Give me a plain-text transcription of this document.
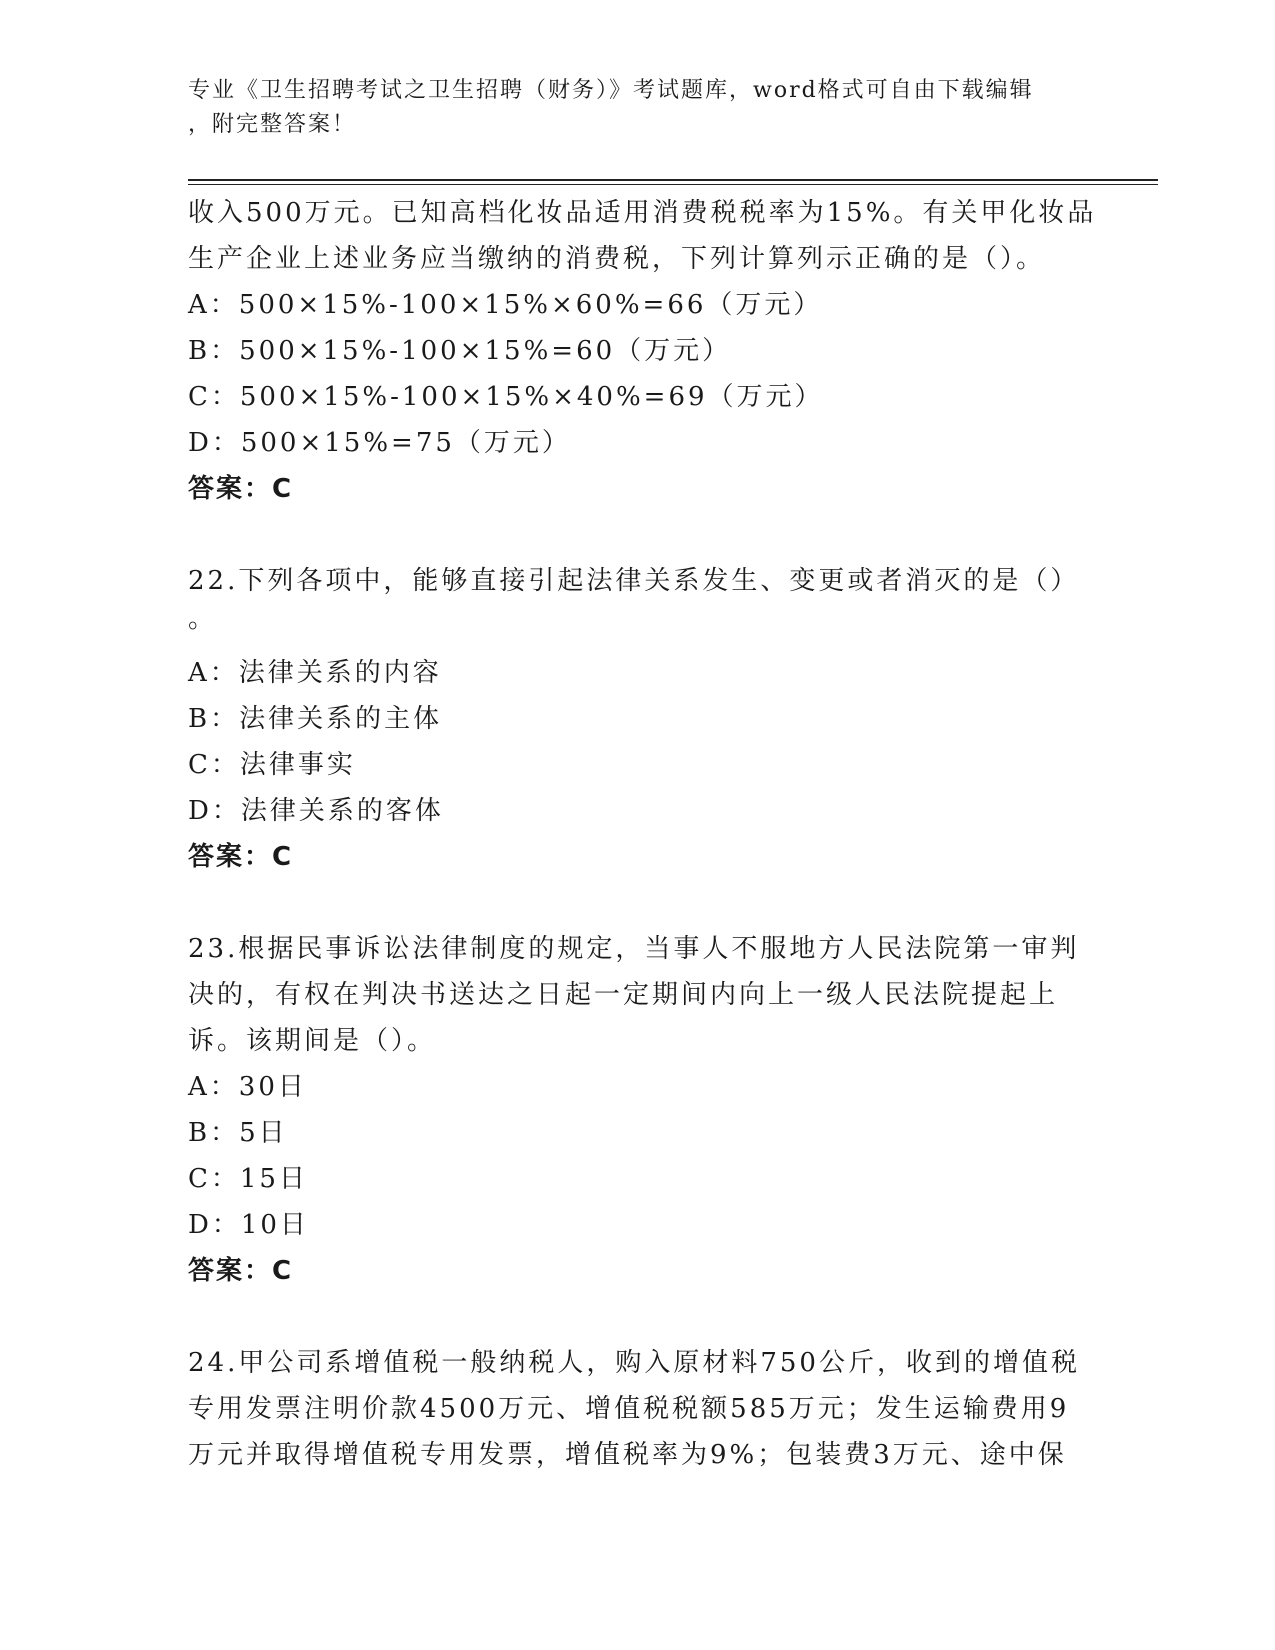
专业《卫生招聘考试之卫生招聘（财务）》考试题库，word格式可自由下载编辑
，附完整答案！
收入500万元。已知高档化妆品适用消费税税率为15%。有关甲化妆品
生产企业上述业务应当缴纳的消费税，下列计算列示正确的是（）。
A：500×15%-100×15%×60%=66（万元）
B：500×15%-100×15%=60（万元）
C：500×15%-100×15%×40%=69（万元）
D：500×15%=75（万元）
答案：C
22.下列各项中，能够直接引起法律关系发生、变更或者消灭的是（）
。
A：法律关系的内容
B：法律关系的主体
C：法律事实
D：法律关系的客体
答案：C
23.根据民事诉讼法律制度的规定，当事人不服地方人民法院第一审判
决的，有权在判决书送达之日起一定期间内向上一级人民法院提起上
诉。该期间是（）。
A：30日
B：5日
C：15日
D：10日
答案：C
24.甲公司系增值税一般纳税人，购入原材料750公斤，收到的增值税
专用发票注明价款4500万元、增值税税额585万元；发生运输费用9
万元并取得增值税专用发票，增值税率为9%；包装费3万元、途中保
